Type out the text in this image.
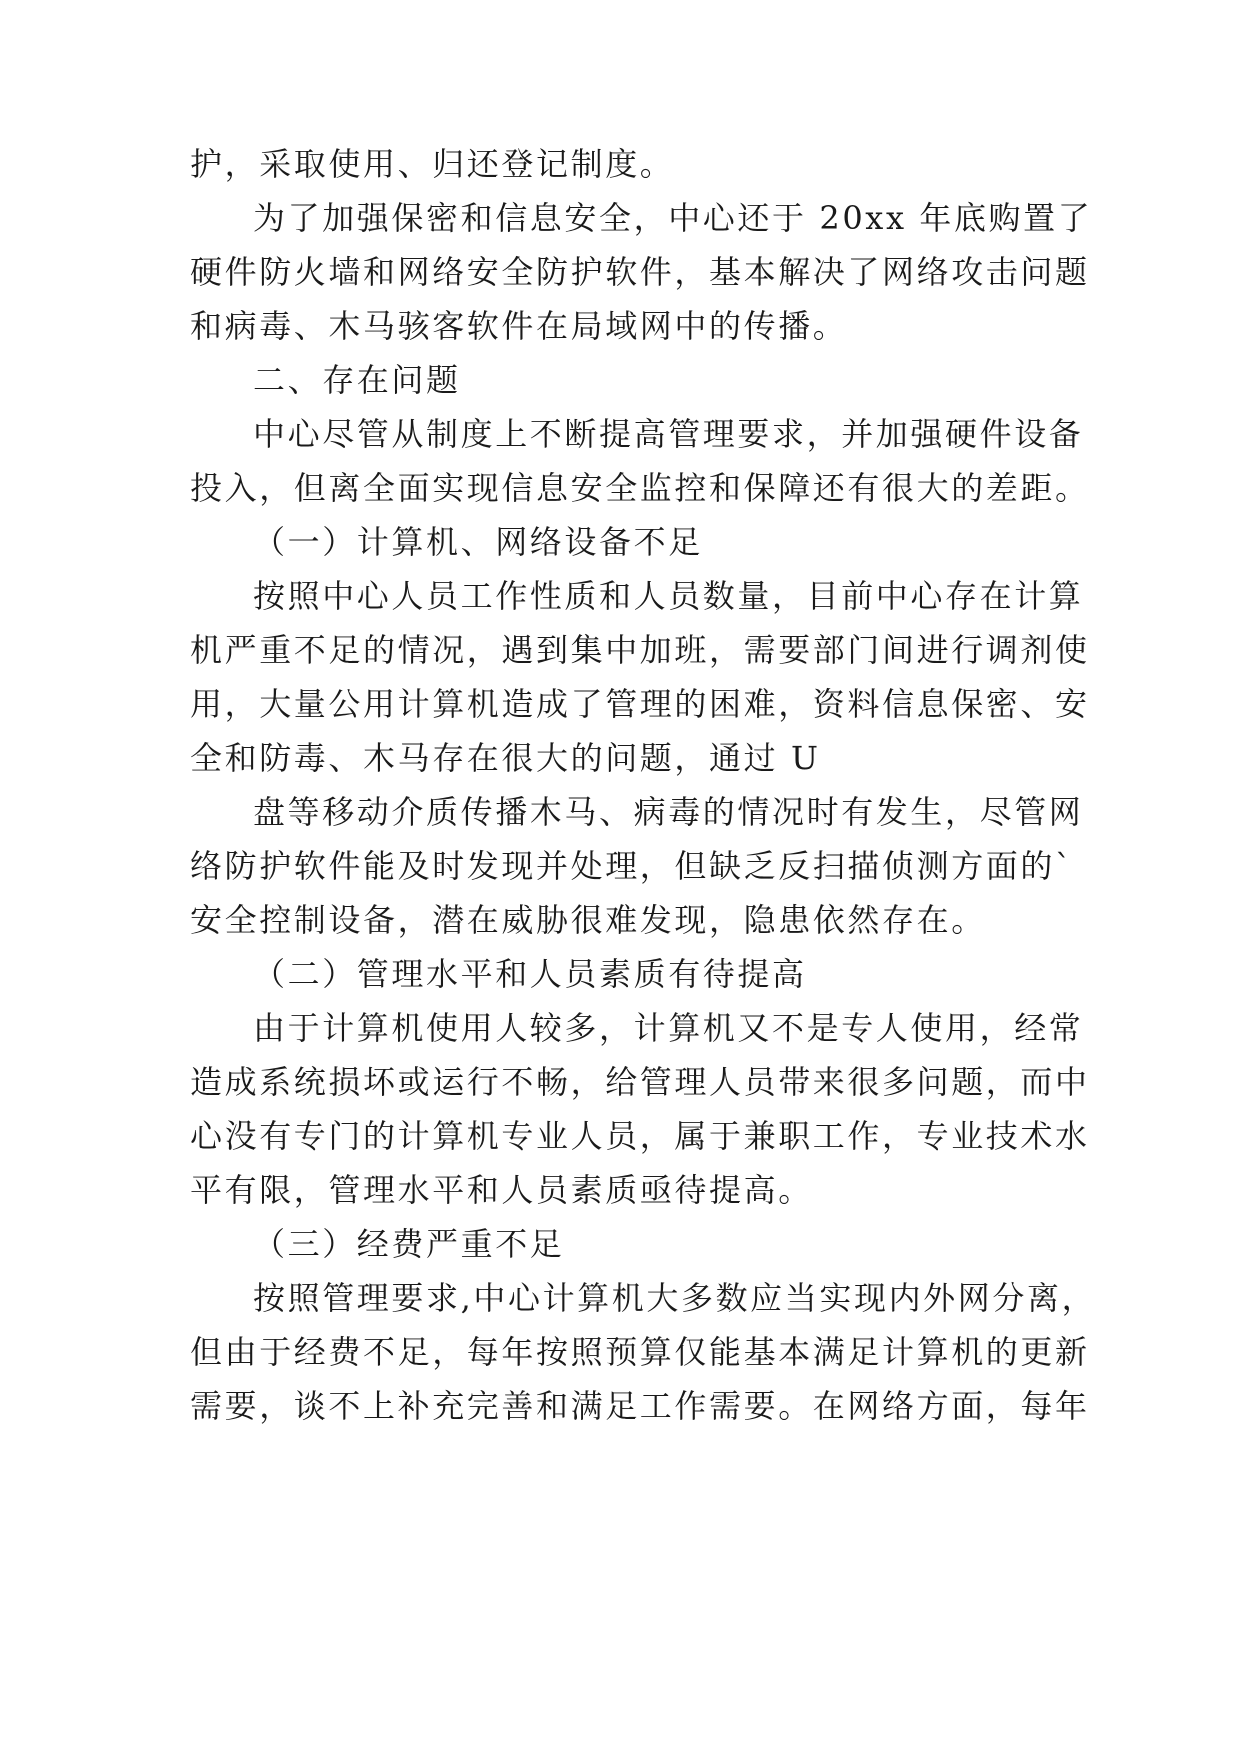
护，采取使用、归还登记制度。
为了加强保密和信息安全，中心还于 20xx 年底购置了
硬件防火墙和网络安全防护软件，基本解决了网络攻击问题
和病毒、木马骇客软件在局域网中的传播。
二、存在问题
中心尽管从制度上不断提高管理要求，并加强硬件设备
投入，但离全面实现信息安全监控和保障还有很大的差距。
（一）计算机、网络设备不足
按照中心人员工作性质和人员数量，目前中心存在计算
机严重不足的情况，遇到集中加班，需要部门间进行调剂使
用，大量公用计算机造成了管理的困难，资料信息保密、安
全和防毒、木马存在很大的问题，通过 U
盘等移动介质传播木马、病毒的情况时有发生，尽管网
络防护软件能及时发现并处理，但缺乏反扫描侦测方面的`
安全控制设备，潜在威胁很难发现，隐患依然存在。
（二）管理水平和人员素质有待提高
由于计算机使用人较多，计算机又不是专人使用，经常
造成系统损坏或运行不畅，给管理人员带来很多问题，而中
心没有专门的计算机专业人员，属于兼职工作，专业技术水
平有限，管理水平和人员素质亟待提高。
（三）经费严重不足
按照管理要求,中心计算机大多数应当实现内外网分离，
但由于经费不足，每年按照预算仅能基本满足计算机的更新
需要，谈不上补充完善和满足工作需要。在网络方面，每年
